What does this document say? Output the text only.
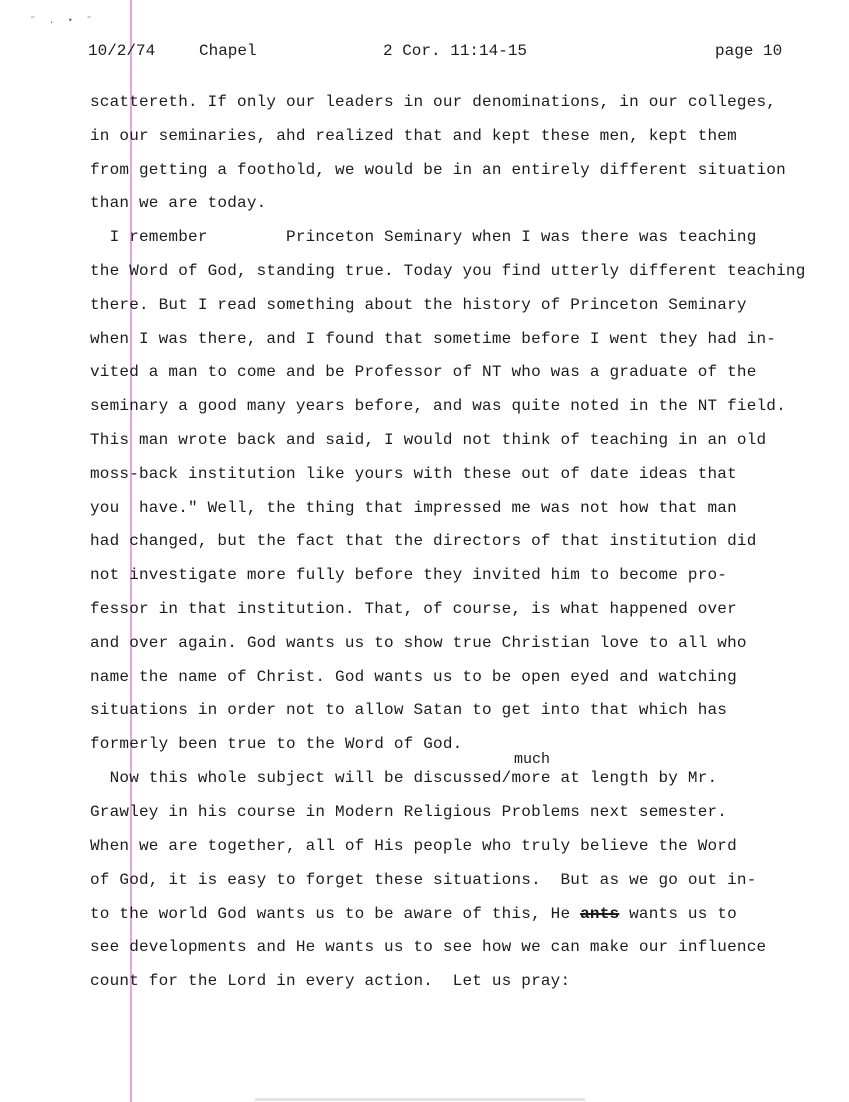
˜ . • ˜
10/2/74	Chapel	2 Cor. 11:14-15	page 10
scattereth. If only our leaders in our denominations, in our colleges,
in our seminaries, ahd realized that and kept these men, kept them
from getting a foothold, we would be in an entirely different situation
than we are today.
I remember        Princeton Seminary when I was there was teaching
the Word of God, standing true. Today you find utterly different teaching
there. But I read something about the history of Princeton Seminary
when I was there, and I found that sometime before I went they had in-
vited a man to come and be Professor of NT who was a graduate of the
seminary a good many years before, and was quite noted in the NT field.
This man wrote back and said, I would not think of teaching in an old
moss-back institution like yours with these out of date ideas that
you  have." Well, the thing that impressed me was not how that man
had changed, but the fact that the directors of that institution did
not investigate more fully before they invited him to become pro-
fessor in that institution. That, of course, is what happened over
and over again. God wants us to show true Christian love to all who
name the name of Christ. God wants us to be open eyed and watching
situations in order not to allow Satan to get into that which has
formerly been true to the Word of God.
much
Now this whole subject will be discussed/more at length by Mr.
Grawley in his course in Modern Religious Problems next semester.
When we are together, all of His people who truly believe the Word
of God, it is easy to forget these situations.  But as we go out in-
to the world God wants us to be aware of this, He ants wants us to
see developments and He wants us to see how we can make our influence
count for the Lord in every action.  Let us pray:
